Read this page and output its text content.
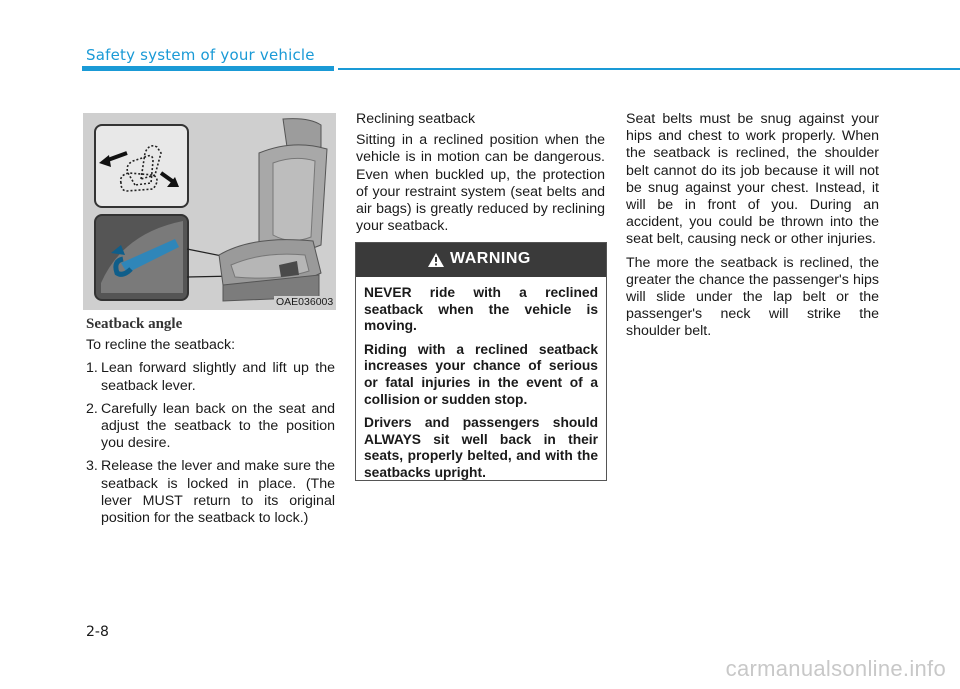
Safety system of your vehicle
OAE036003
Seatback angle
To recline the seatback:
1. Lean forward slightly and lift up the seatback lever.
2. Carefully lean back on the seat and adjust the seatback to the position you desire.
3. Release the lever and make sure the seatback is locked in place. (The lever MUST return to its original position for the seatback to lock.)
Reclining seatback
Sitting in a reclined position when the vehicle is in motion can be dangerous. Even when buckled up, the protection of your restraint system (seat belts and air bags) is greatly reduced by reclining your seatback.
WARNING

NEVER ride with a reclined seatback when the vehicle is moving.

Riding with a reclined seatback increases your chance of serious or fatal injuries in the event of a collision or sudden stop.

Drivers and passengers should ALWAYS sit well back in their seats, properly belted, and with the seatbacks upright.

Seat belts must be snug against your hips and chest to work properly. When the seatback is reclined, the shoulder belt cannot do its job because it will not be snug against your chest. Instead, it will be in front of you. During an accident, you could be thrown into the seat belt, causing neck or other injuries.
The more the seatback is reclined, the greater the chance the passenger's hips will slide under the lap belt or the passenger's neck will strike the shoulder belt.
2-8
carmanualsonline.info
